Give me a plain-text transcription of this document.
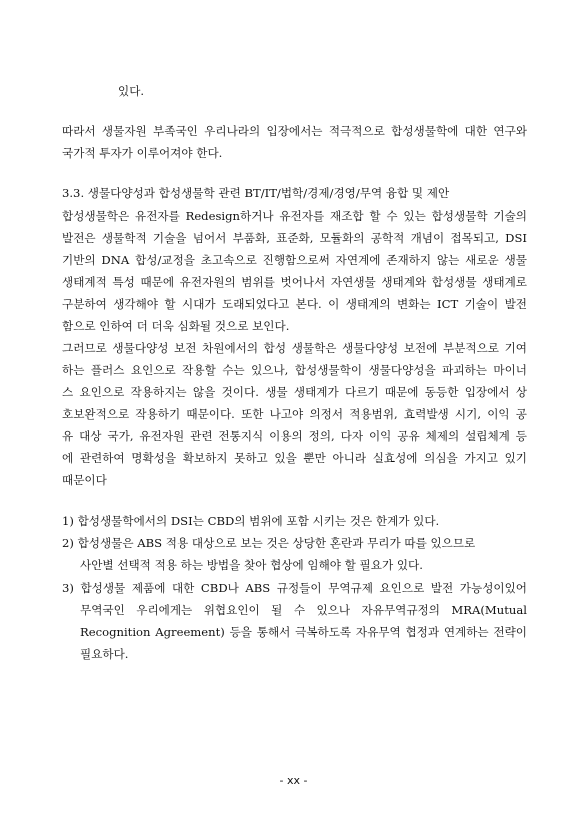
있다.
따라서 생물자원 부족국인 우리나라의 입장에서는 적극적으로 합성생물학에 대한 연구와
국가적 투자가 이루어져야 한다.
3.3. 생물다양성과 합성생물학 관련 BT/IT/법학/경제/경영/무역 융합 및 제안
합성생물학은 유전자를 Redesign하거나 유전자를 재조합 할 수 있는 합성생물학 기술의
발전은 생물학적 기술을 넘어서 부품화, 표준화, 모듈화의 공학적 개념이 접목되고, DSI
기반의 DNA 합성/교정을 초고속으로 진행함으로써 자연계에 존재하지 않는 새로운 생물
생태계적 특성 때문에 유전자원의 범위를 벗어나서 자연생물 생태계와 합성생물 생태계로
구분하여 생각해야 할 시대가 도래되었다고 본다. 이 생태계의 변화는 ICT 기술이 발전
함으로 인하여 더 더욱 심화될 것으로 보인다.
그러므로 생물다양성 보전 차원에서의 합성 생물학은 생물다양성 보전에 부분적으로 기여
하는 플러스 요인으로 작용할 수는 있으나, 합성생물학이 생물다양성을 파괴하는 마이너
스 요인으로 작용하지는 않을 것이다. 생물 생태계가 다르기 때문에 동등한 입장에서 상
호보완적으로 작용하기 때문이다. 또한 나고야 의정서 적용범위, 효력발생 시기, 이익 공
유 대상 국가, 유전자원 관련 전통지식 이용의 정의, 다자 이익 공유 체제의 설립체계 등
에 관련하여 명확성을 확보하지 못하고 있을 뿐만 아니라 실효성에 의심을 가지고 있기
때문이다
1) 합성생물학에서의 DSI는 CBD의 범위에 포함 시키는 것은 한계가 있다.
2) 합성생물은 ABS 적용 대상으로 보는 것은 상당한 혼란과 무리가 따를 있으므로
사안별 선택적 적용 하는 방법을 찾아 협상에 임해야 할 필요가 있다.
3) 합성생물 제품에 대한 CBD나 ABS 규정들이 무역규제 요인으로 발전 가능성이있어
무역국인 우리에게는 위협요인이 될 수 있으나 자유무역규정의 MRA(Mutual
Recognition Agreement) 등을 통해서 극복하도록 자유무역 협정과 연계하는 전략이
필요하다.
- xx -
